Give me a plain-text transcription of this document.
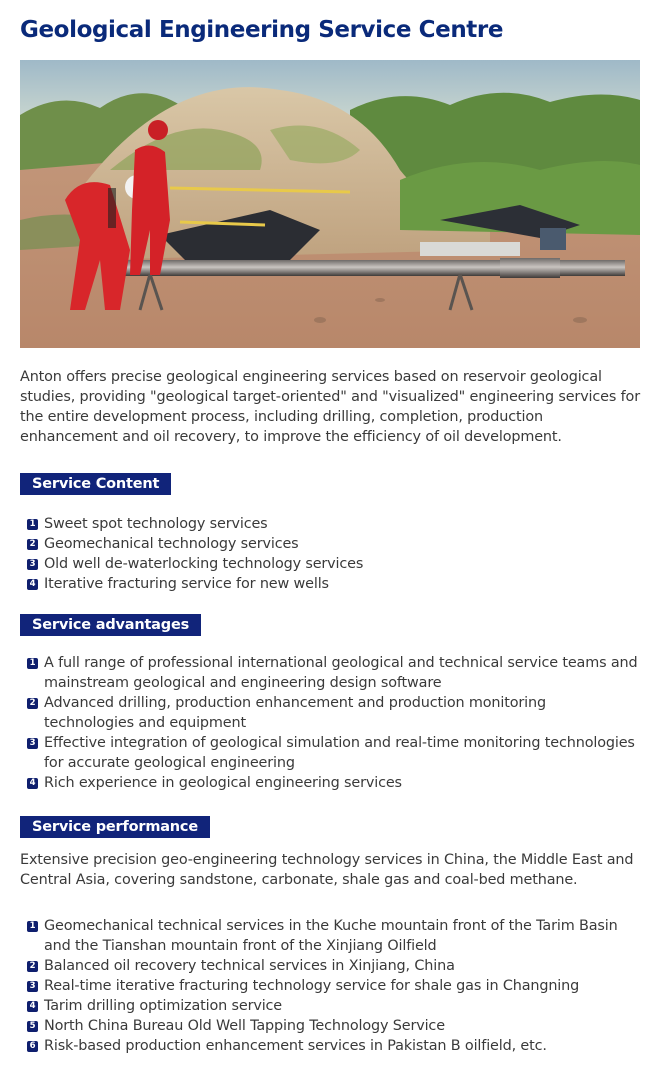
Geological Engineering Service Centre

Anton offers precise geological engineering services based on reservoir geological studies, providing "geological target-oriented" and "visualized" engineering services for the entire development process, including drilling, completion, production enhancement and oil recovery, to improve the efficiency of oil development.

Service Content
1 Sweet spot technology services
2 Geomechanical technology services
3 Old well de-waterlocking technology services
4 Iterative fracturing service for new wells
Service advantages
1 A full range of professional international geological and technical service teams and mainstream geological and engineering design software
2 Advanced drilling, production enhancement and production monitoring technologies and equipment
3 Effective integration of geological simulation and real-time monitoring technologies for accurate geological engineering
4 Rich experience in geological engineering services
Service performance

Extensive precision geo-engineering technology services in China, the Middle East and Central Asia, covering sandstone, carbonate, shale gas and coal-bed methane.

1 Geomechanical technical services in the Kuche mountain front of the Tarim Basin and the Tianshan mountain front of the Xinjiang Oilfield
2 Balanced oil recovery technical services in Xinjiang, China
3 Real-time iterative fracturing technology service for shale gas in Changning
4 Tarim drilling optimization service
5 North China Bureau Old Well Tapping Technology Service
6 Risk-based production enhancement services in Pakistan B oilfield, etc.
